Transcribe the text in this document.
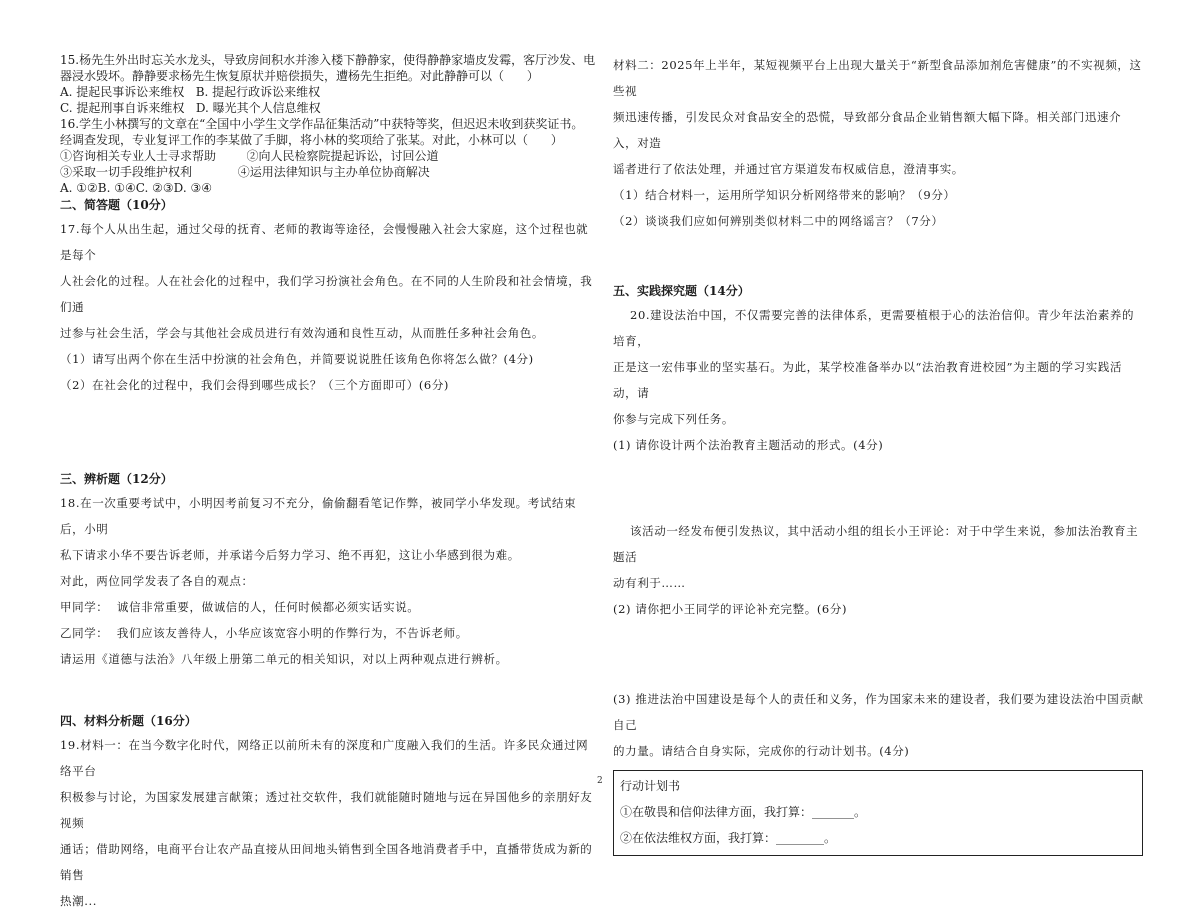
15.杨先生外出时忘关水龙头，导致房间积水并渗入楼下静静家，使得静静家墙皮发霉，客厅沙发、电

器浸水毁坏。静静要求杨先生恢复原状并赔偿损失，遭杨先生拒绝。对此静静可以（      ）

A. 提起民事诉讼来维权   B. 提起行政诉讼来维权

C. 提起刑事自诉来维权   D. 曝光其个人信息维权

16.学生小林撰写的文章在“全国中小学生文学作品征集活动”中获特等奖，但迟迟未收到获奖证书。

经调查发现，专业复评工作的李某做了手脚，将小林的奖项给了张某。对此，小林可以（      ）

①咨询相关专业人士寻求帮助        ②向人民检察院提起诉讼，讨回公道

③采取一切手段维护权利            ④运用法律知识与主办单位协商解决

A. ①②B. ①④C. ②③D. ③④

二、简答题（10分）

17.每个人从出生起，通过父母的抚育、老师的教诲等途径，会慢慢融入社会大家庭，这个过程也就是每个

人社会化的过程。人在社会化的过程中，我们学习扮演社会角色。在不同的人生阶段和社会情境，我们通

过参与社会生活，学会与其他社会成员进行有效沟通和良性互动，从而胜任多种社会角色。

（1）请写出两个你在生活中扮演的社会角色，并简要说说胜任该角色你将怎么做？(4分)

（2）在社会化的过程中，我们会得到哪些成长？（三个方面即可）(6分)

三、辨析题（12分）

18.在一次重要考试中，小明因考前复习不充分，偷偷翻看笔记作弊，被同学小华发现。考试结束后，小明

私下请求小华不要告诉老师，并承诺今后努力学习、绝不再犯，这让小华感到很为难。

对此，两位同学发表了各自的观点：

甲同学：  诚信非常重要，做诚信的人，任何时候都必须实话实说。

乙同学：  我们应该友善待人，小华应该宽容小明的作弊行为，不告诉老师。

请运用《道德与法治》八年级上册第二单元的相关知识，对以上两种观点进行辨析。

四、材料分析题（16分）

19.材料一：在当今数字化时代，网络正以前所未有的深度和广度融入我们的生活。许多民众通过网络平台

积极参与讨论，为国家发展建言献策；透过社交软件，我们就能随时随地与远在异国他乡的亲朋好友视频

通话；借助网络，电商平台让农产品直接从田间地头销售到全国各地消费者手中，直播带货成为新的销售

热潮...

材料二：2025年上半年，某短视频平台上出现大量关于“新型食品添加剂危害健康”的不实视频，这些视

频迅速传播，引发民众对食品安全的恐慌，导致部分食品企业销售额大幅下降。相关部门迅速介入，对造

谣者进行了依法处理，并通过官方渠道发布权威信息，澄清事实。

（1）结合材料一，运用所学知识分析网络带来的影响？（9分）

（2）谈谈我们应如何辨别类似材料二中的网络谣言？（7分）

五、实践探究题（14分）

20.建设法治中国，不仅需要完善的法律体系，更需要植根于心的法治信仰。青少年法治素养的培育，

正是这一宏伟事业的坚实基石。为此，某学校准备举办以“法治教育进校园”为主题的学习实践活动，请

你参与完成下列任务。

(1) 请你设计两个法治教育主题活动的形式。(4分)

该活动一经发布便引发热议，其中活动小组的组长小王评论：对于中学生来说，参加法治教育主题活

动有利于……

(2) 请你把小王同学的评论补充完整。(6分)

(3) 推进法治中国建设是每个人的责任和义务，作为国家未来的建设者，我们要为建设法治中国贡献自己

的力量。请结合自身实际，完成你的行动计划书。(4分)

行动计划书
①在敬畏和信仰法律方面，我打算：_______。
②在依法维权方面，我打算：________。
2
